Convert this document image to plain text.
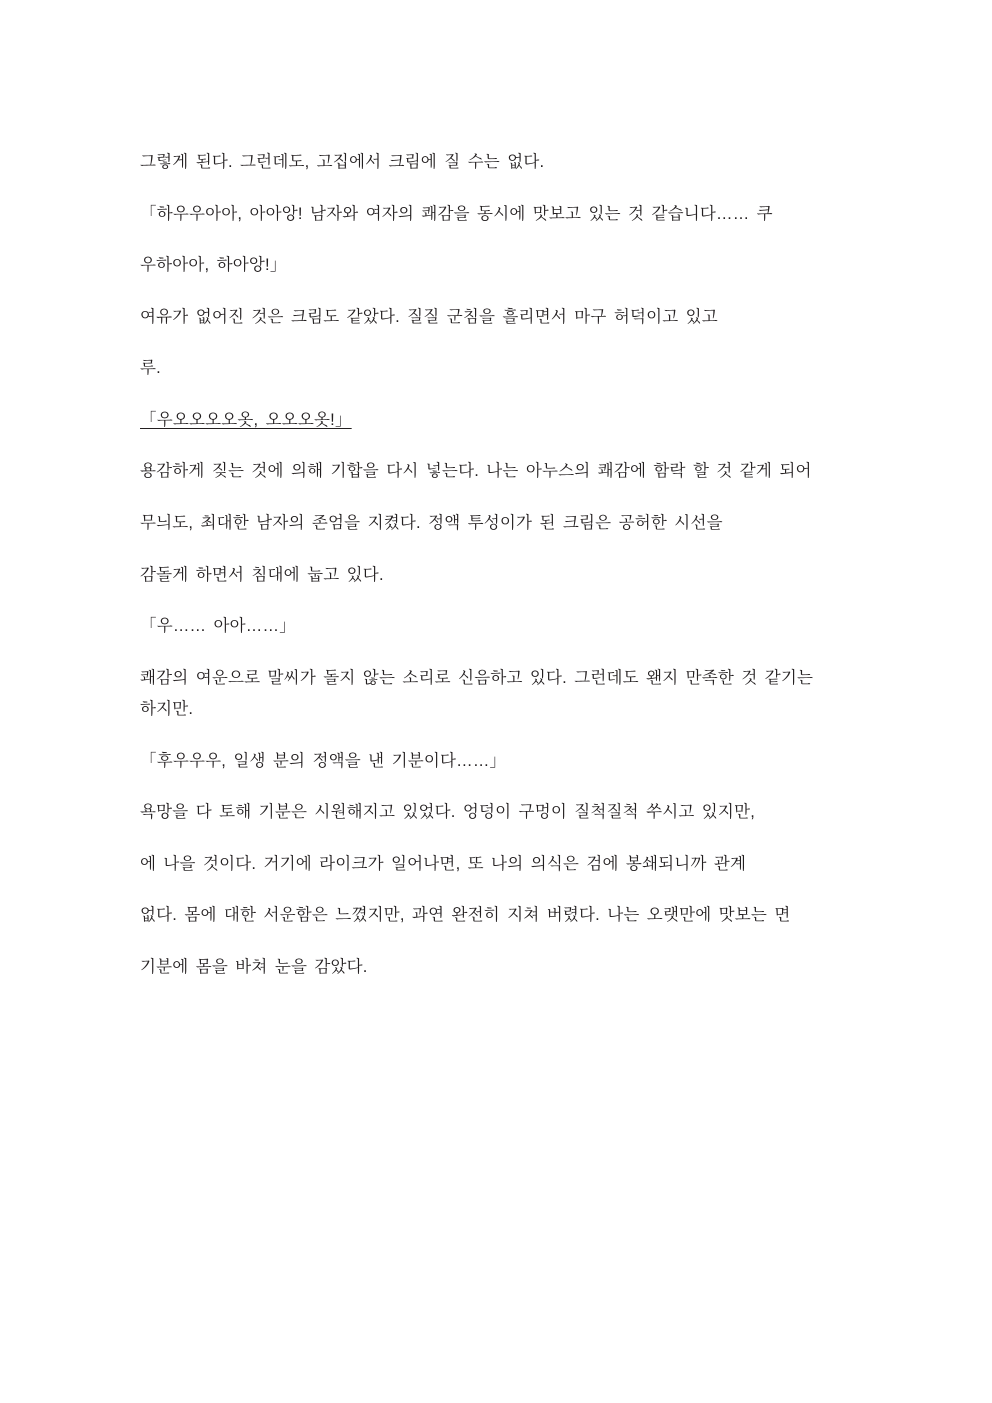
그렇게 된다. 그런데도, 고집에서 크림에 질 수는 없다.

「하우우아아, 아아앙! 남자와 여자의 쾌감을 동시에 맛보고 있는 것 같습니다…… 쿠

우하아아, 하아앙!」

여유가 없어진 것은 크림도 같았다. 질질 군침을 흘리면서 마구 허덕이고 있고

루.

「우오오오오옷, 오오오옷!」

용감하게 짖는 것에 의해 기합을 다시 넣는다. 나는 아누스의 쾌감에 함락 할 것 같게 되어

무늬도, 최대한 남자의 존엄을 지켰다. 정액 투성이가 된 크림은 공허한 시선을

감돌게 하면서 침대에 눕고 있다.

「우…… 아아……」

쾌감의 여운으로 말씨가 돌지 않는 소리로 신음하고 있다. 그런데도 왠지 만족한 것 같기는

하지만.

「후우우우, 일생 분의 정액을 낸 기분이다……」

욕망을 다 토해 기분은 시원해지고 있었다. 엉덩이 구멍이 질척질척 쑤시고 있지만,

에 나을 것이다. 거기에 라이크가 일어나면, 또 나의 의식은 검에 봉쇄되니까 관계

없다. 몸에 대한 서운함은 느꼈지만, 과연 완전히 지쳐 버렸다. 나는 오랫만에 맛보는 면

기분에 몸을 바쳐 눈을 감았다.
